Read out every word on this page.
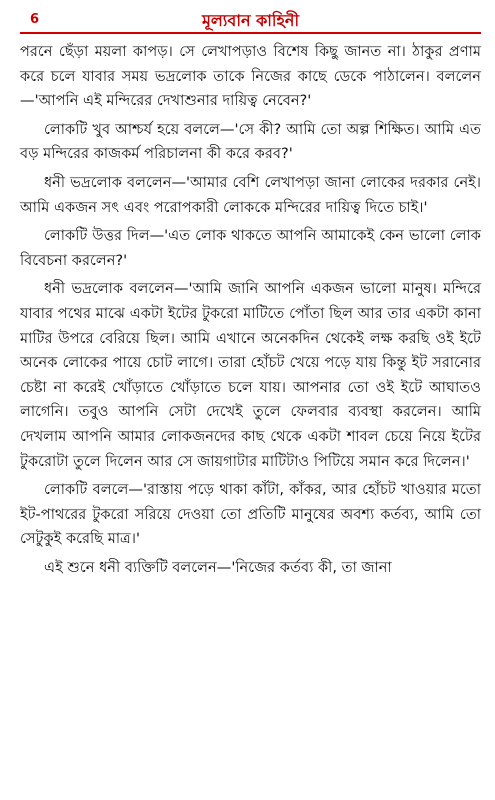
6	মূল্যবান কাহিনী

পরনে ছেঁড়া ময়লা কাপড়। সে লেখাপড়াও বিশেষ কিছু জানত না। ঠাকুর প্রণাম করে চলে যাবার সময় ভদ্রলোক তাকে নিজের কাছে ডেকে পাঠালেন। বললেন—'আপনি এই মন্দিরের দেখাশুনার দায়িত্ব নেবেন?'

লোকটি খুব আশ্চর্য হয়ে বললে—'সে কী? আমি তো অল্প শিক্ষিত। আমি এত বড় মন্দিরের কাজকর্ম পরিচালনা কী করে করব?'

ধনী ভদ্রলোক বললেন—'আমার বেশি লেখাপড়া জানা লোকের দরকার নেই। আমি একজন সৎ এবং পরোপকারী লোককে মন্দিরের দায়িত্ব দিতে চাই।'

লোকটি উত্তর দিল—'এত লোক থাকতে আপনি আমাকেই কেন ভালো লোক বিবেচনা করলেন?'

ধনী ভদ্রলোক বললেন—'আমি জানি আপনি একজন ভালো মানুষ। মন্দিরে যাবার পথের মাঝে একটা ইটের টুকরো মাটিতে পোঁতা ছিল আর তার একটা কানা মাটির উপরে বেরিয়ে ছিল। আমি এখানে অনেকদিন থেকেই লক্ষ করছি ওই ইটে অনেক লোকের পায়ে চোট লাগে। তারা হোঁচট খেয়ে পড়ে যায় কিন্তু ইট সরানোর চেষ্টা না করেই খোঁড়াতে খোঁড়াতে চলে যায়। আপনার তো ওই ইটে আঘাতও লাগেনি। তবুও আপনি সেটা দেখেই তুলে ফেলবার ব্যবস্থা করলেন। আমি দেখলাম আপনি আমার লোকজনদের কাছ থেকে একটা শাবল চেয়ে নিয়ে ইটের টুকরোটা তুলে দিলেন আর সে জায়গাটার মাটিটাও পিটিয়ে সমান করে দিলেন।'

লোকটি বললে—'রাস্তায় পড়ে থাকা কাঁটা, কাঁকর, আর হোঁচট খাওয়ার মতো ইট-পাথরের টুকরো সরিয়ে দেওয়া তো প্রতিটি মানুষের অবশ্য কর্তব্য, আমি তো সেটুকুই করেছি মাত্র।'

এই শুনে ধনী ব্যক্তিটি বললেন—'নিজের কর্তব্য কী, তা জানা
